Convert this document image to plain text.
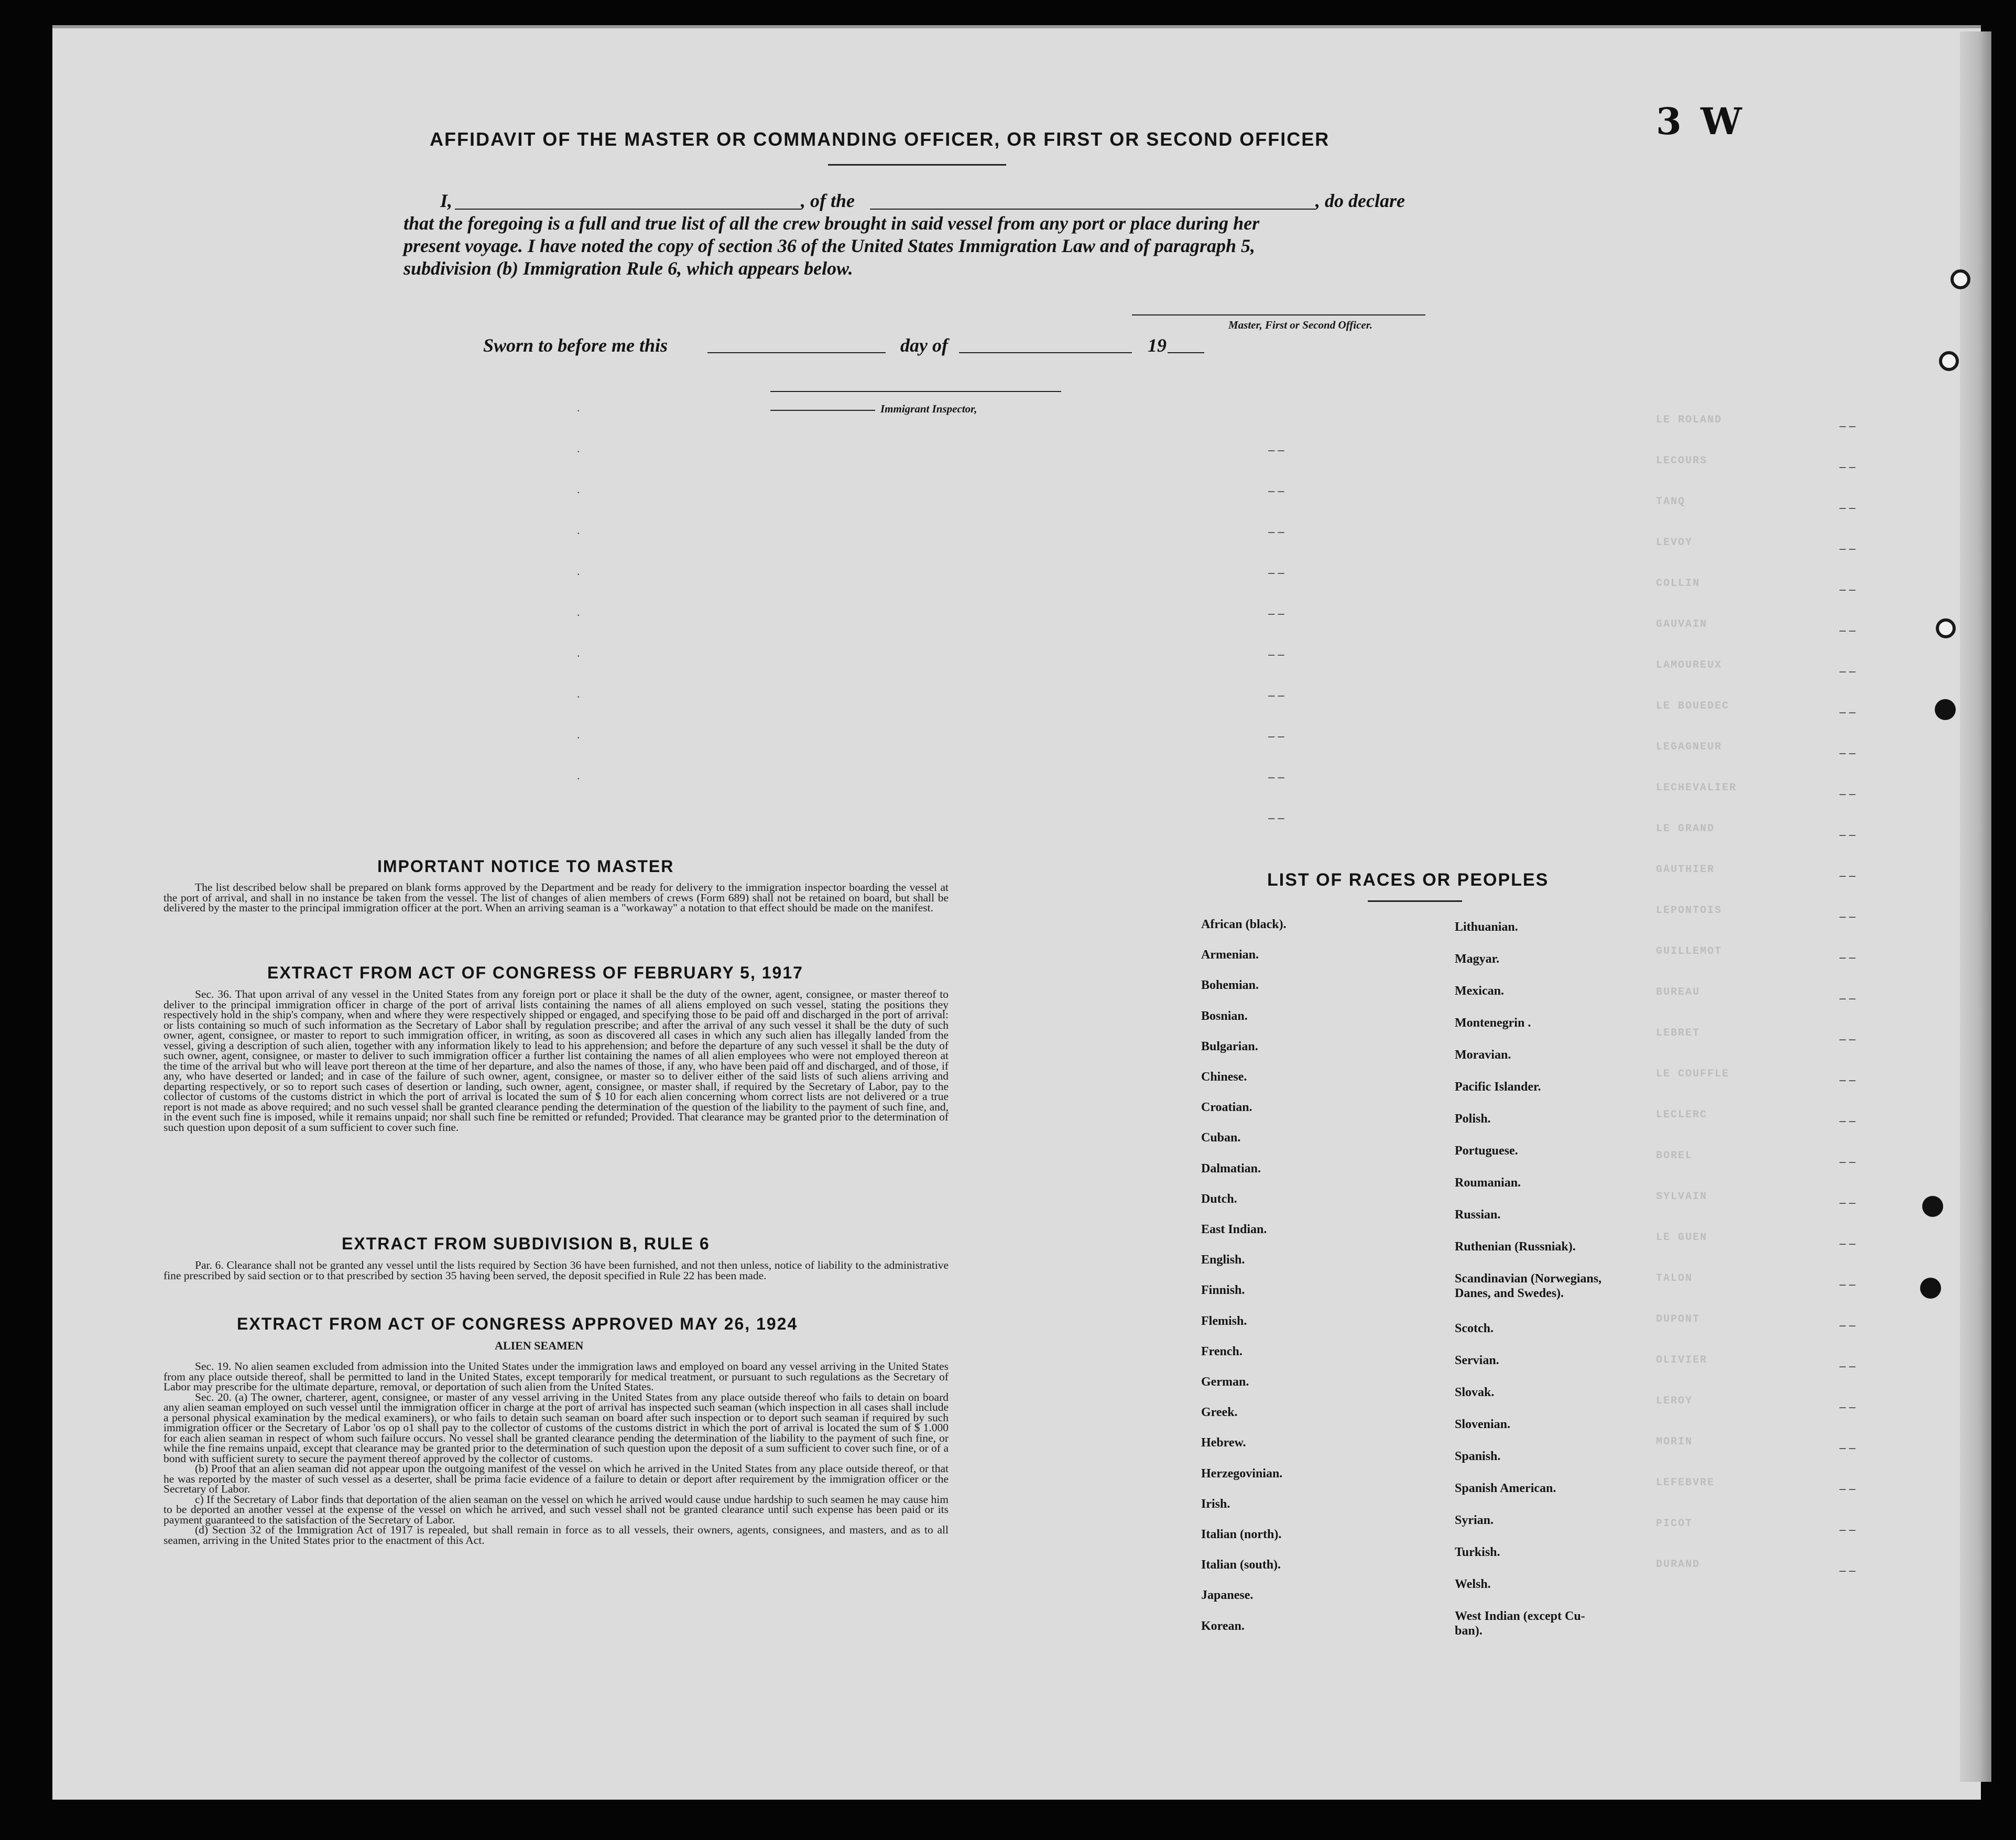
3 W
LE ROLAND	– –
– –
·
LECOURS	– –
– –
·
TANQ	– –
– –
·
LEVOY	– –
– –
·
COLLIN	– –
– –
·
GAUVAIN	– –
– –
·
LAMOUREUX	– –
– –
·
LE BOUEDEC	– –
– –
·
LEGAGNEUR	– –
– –
·
LECHEVALIER	– –
– –
·
LE GRAND	– –
GAUTHIER	– –
LEPONTOIS	– –
GUILLEMOT	– –
BUREAU	– –
LEBRET	– –
LE COUFFLE	– –
LECLERC	– –
BOREL	– –
SYLVAIN	– –
LE GUEN	– –
TALON	– –
DUPONT	– –
OLIVIER	– –
LEROY	– –
MORIN	– –
LEFEBVRE	– –
PICOT	– –
DURAND	– –
AFFIDAVIT OF THE MASTER OR COMMANDING OFFICER, OR FIRST OR SECOND OFFICER
I,	, of the	, do declare
that the foregoing is a full and true list of all the crew brought in said vessel from any port or place during her
present voyage. I have noted the copy of section 36 of the United States Immigration Law and of paragraph 5,
subdivision (b) Immigration Rule 6, which appears below.
Master, First or Second Officer.
Sworn to before me this	day of	19
Immigrant Inspector,
IMPORTANT NOTICE TO MASTER

The list described below shall be prepared on blank forms approved by the Department and be ready for delivery to the immigration inspector boarding the vessel at the port of arrival, and shall in no instance be taken from the vessel. The list of changes of alien members of crews (Form 689) shall not be retained on board, but shall be delivered by the master to the principal immigration officer at the port. When an arriving seaman is a "workaway" a notation to that effect should be made on the manifest.

EXTRACT FROM ACT OF CONGRESS OF FEBRUARY 5, 1917

Sec. 36. That upon arrival of any vessel in the United States from any foreign port or place it shall be the duty of the owner, agent, consignee, or master thereof to deliver to the principal immigration officer in charge of the port of arrival lists containing the names of all aliens employed on such vessel, stating the positions they respectively hold in the ship's company, when and where they were respectively shipped or engaged, and specifying those to be paid off and discharged in the port of arrival: or lists containing so much of such information as the Secretary of Labor shall by regulation prescribe; and after the arrival of any such vessel it shall be the duty of such owner, agent, consignee, or master to report to such immigration officer, in writing, as soon as discovered all cases in which any such alien has illegally landed from the vessel, giving a description of such alien, together with any information likely to lead to his apprehension; and before the departure of any such vessel it shall be the duty of such owner, agent, consignee, or master to deliver to such immigration officer a further list containing the names of all alien employees who were not employed thereon at the time of the arrival but who will leave port thereon at the time of her departure, and also the names of those, if any, who have been paid off and discharged, and of those, if any, who have deserted or landed; and in case of the failure of such owner, agent, consignee, or master so to deliver either of the said lists of such aliens arriving and departing respectively, or so to report such cases of desertion or landing, such owner, agent, consignee, or master shall, if required by the Secretary of Labor, pay to the collector of customs of the customs district in which the port of arrival is located the sum of $ 10 for each alien concerning whom correct lists are not delivered or a true report is not made as above required; and no such vessel shall be granted clearance pending the determination of the question of the liability to the payment of such fine, and, in the event such fine is imposed, while it remains unpaid; nor shall such fine be remitted or refunded; Provided. That clearance may be granted prior to the determination of such question upon deposit of a sum sufficient to cover such fine.

EXTRACT FROM SUBDIVISION B, RULE 6

Par. 6. Clearance shall not be granted any vessel until the lists required by Section 36 have been furnished, and not then unless, notice of liability to the administrative fine prescribed by said section or to that prescribed by section 35 having been served, the deposit specified in Rule 22 has been made.

EXTRACT FROM ACT OF CONGRESS APPROVED MAY 26, 1924
ALIEN SEAMEN

Sec. 19. No alien seamen excluded from admission into the United States under the immigration laws and employed on board any vessel arriving in the United States from any place outside thereof, shall be permitted to land in the United States, except temporarily for medical treatment, or pursuant to such regulations as the Secretary of Labor may prescribe for the ultimate departure, removal, or deportation of such alien from the United States.

Sec. 20. (a) The owner, charterer, agent, consignee, or master of any vessel arriving in the United States from any place outside thereof who fails to detain on board any alien seaman employed on such vessel until the immigration officer in charge at the port of arrival has inspected such seaman (which inspection in all cases shall include a personal physical examination by the medical examiners), or who fails to detain such seaman on board after such inspection or to deport such seaman if required by such immigration officer or the Secretary of Labor 'os op o1 shall pay to the collector of customs of the customs district in which the port of arrival is located the sum of $ 1.000 for each alien seaman in respect of whom such failure occurs. No vessel shall be granted clearance pending the determination of the liability to the payment of such fine, or while the fine remains unpaid, except that clearance may be granted prior to the determination of such question upon the deposit of a sum sufficient to cover such fine, or of a bond with sufficient surety to secure the payment thereof approved by the collector of customs.

(b) Proof that an alien seaman did not appear upon the outgoing manifest of the vessel on which he arrived in the United States from any place outside thereof, or that he was reported by the master of such vessel as a deserter, shall be prima facie evidence of a failure to detain or deport after requirement by the immigration officer or the Secretary of Labor.

c) If the Secretary of Labor finds that deportation of the alien seaman on the vessel on which he arrived would cause undue hardship to such seamen he may cause him to be deported an another vessel at the expense of the vessel on which he arrived, and such vessel shall not be granted clearance until such expense has been paid or its payment guaranteed to the satisfaction of the Secretary of Labor.

(d) Section 32 of the Immigration Act of 1917 is repealed, but shall remain in force as to all vessels, their owners, agents, consignees, and masters, and as to all seamen, arriving in the United States prior to the enactment of this Act.

LIST OF RACES OR PEOPLES
African (black).
Armenian.
Bohemian.
Bosnian.
Bulgarian.
Chinese.
Croatian.
Cuban.
Dalmatian.
Dutch.
East Indian.
English.
Finnish.
Flemish.
French.
German.
Greek.
Hebrew.
Herzegovinian.
Irish.
Italian (north).
Italian (south).
Japanese.
Korean.
Lithuanian.
Magyar.
Mexican.
Montenegrin .
Moravian.
Pacific Islander.
Polish.
Portuguese.
Roumanian.
Russian.
Ruthenian (Russniak).
Scandinavian (Norwegians,
Danes, and Swedes).
Scotch.
Servian.
Slovak.
Slovenian.
Spanish.
Spanish American.
Syrian.
Turkish.
Welsh.
West Indian (except Cu-
ban).
